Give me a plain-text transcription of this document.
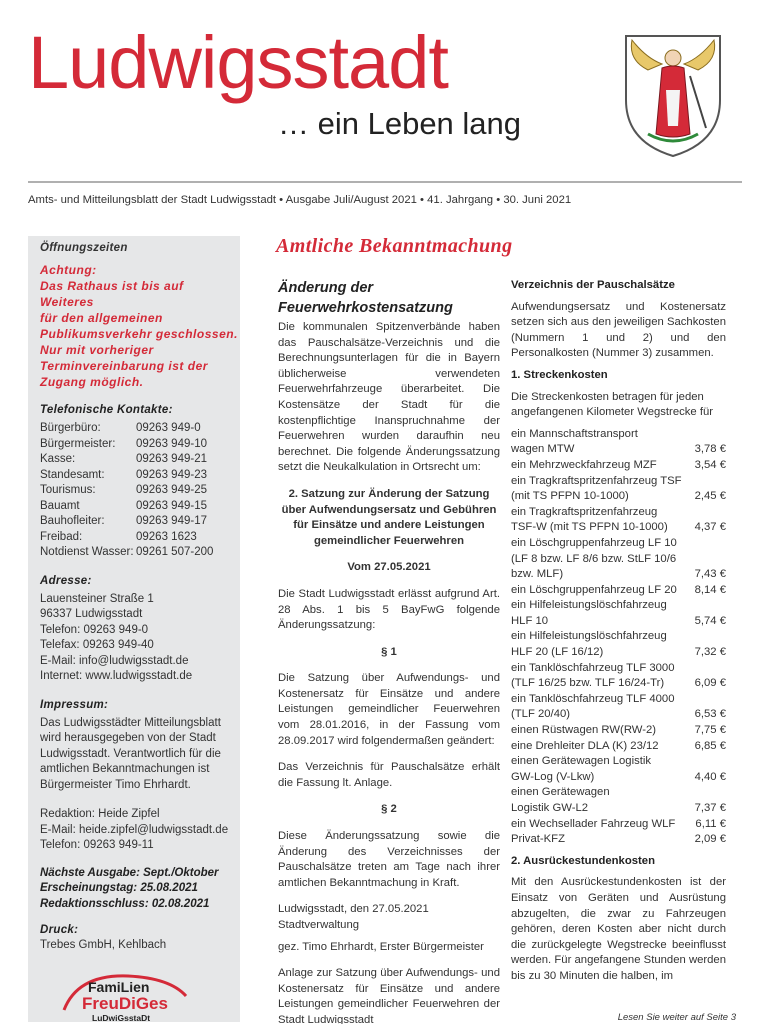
Ludwigsstadt
… ein Leben lang
Amts- und Mitteilungsblatt der Stadt Ludwigsstadt • Ausgabe Juli/August 2021 • 41. Jahrgang • 30. Juni 2021
Öffnungszeiten
Achtung:
Das Rathaus ist bis auf Weiteres
für den allgemeinen
Publikumsverkehr geschlossen.
Nur mit vorheriger
Terminvereinbarung ist der
Zugang möglich.
Telefonische Kontakte:
Bürgerbüro:	09263 949-0
Bürgermeister:	09263 949-10
Kasse:	09263 949-21
Standesamt:	09263 949-23
Tourismus:	09263 949-25
Bauamt	09263 949-15
Bauhofleiter:	09263 949-17
Freibad:	09263 1623
Notdienst Wasser: 09261 507-200
Adresse:
Lauensteiner Straße 1
96337 Ludwigsstadt
Telefon: 09263 949-0
Telefax: 09263 949-40
E-Mail: info@ludwigsstadt.de
Internet: www.ludwigsstadt.de
Impressum:
Das Ludwigsstädter Mitteilungsblatt
wird herausgegeben von der Stadt
Ludwigsstadt. Verantwortlich für die
amtlichen Bekanntmachungen ist
Bürgermeister Timo Ehrhardt.
Redaktion: Heide Zipfel
E-Mail: heide.zipfel@ludwigsstadt.de
Telefon: 09263 949-11
Nächste Ausgabe: Sept./Oktober
Erscheinungstag: 25.08.2021
Redaktionsschluss: 02.08.2021
Druck:
Trebes GmbH, Kehlbach
FamiLien
FreuDiGes
LuDwiGsstaDt
Amtliche Bekanntmachung
Änderung der Feuerwehrkostensatzung

Die kommunalen Spitzenverbände haben das Pauschalsätze-Verzeichnis und die Berechnungsunterlagen für die in Bayern üblicherweise verwendeten Feuerwehrfahrzeuge überarbeitet. Die Kostensätze der Stadt für die kostenpflichtige Inanspruchnahme der Feuerwehren wurden daraufhin neu berechnet. Die folgende Änderungssatzung setzt die Neukalkulation in Ortsrecht um:

2. Satzung zur Änderung der Satzung über Aufwendungsersatz und Gebühren für Einsätze und andere Leistungen gemeindlicher Feuerwehren

Vom 27.05.2021

Die Stadt Ludwigsstadt erlässt aufgrund Art. 28 Abs. 1 bis 5 BayFwG folgende Änderungssatzung:

§ 1

Die Satzung über Aufwendungs- und Kostenersatz für Einsätze und andere Leistungen gemeindlicher Feuerwehren vom 28.01.2016, in der Fassung vom 28.09.2017 wird folgendermaßen geändert:

Das Verzeichnis für Pauschalsätze erhält die Fassung lt. Anlage.

§ 2

Diese Änderungssatzung sowie die Änderung des Verzeichnisses der Pauschalsätze treten am Tage nach ihrer amtlichen Bekanntmachung in Kraft.

Ludwigsstadt, den 27.05.2021

Stadtverwaltung

gez. Timo Ehrhardt, Erster Bürgermeister

Anlage zur Satzung über Aufwendungs- und Kostenersatz für Einsätze und andere Leistungen gemeindlicher Feuerwehren der Stadt Ludwigsstadt

Verzeichnis der Pauschalsätze

Aufwendungsersatz und Kostenersatz setzen sich aus den jeweiligen Sachkosten (Nummern 1 und 2) und den Personalkosten (Nummer 3) zusammen.

1. Streckenkosten

Die Streckenkosten betragen für jeden angefangenen Kilometer Wegstrecke für

ein Mannschaftstransport
wagen MTW	3,78 €
ein Mehrzweckfahrzeug MZF	3,54 €
ein Tragkraftspritzenfahrzeug TSF
(mit TS PFPN 10-1000)	2,45 €
ein Tragkraftspritzenfahrzeug
TSF-W (mit TS PFPN 10-1000)	4,37 €
ein Löschgruppenfahrzeug LF 10
(LF 8 bzw. LF 8/6 bzw. StLF 10/6
bzw. MLF)	7,43 €
ein Löschgruppenfahrzeug LF 20	8,14 €
ein Hilfeleistungslöschfahrzeug
HLF 10	5,74 €
ein Hilfeleistungslöschfahrzeug
HLF 20 (LF 16/12)	7,32 €
ein Tanklöschfahrzeug TLF 3000
(TLF 16/25 bzw. TLF 16/24-Tr)	6,09 €
ein Tanklöschfahrzeug TLF 4000
(TLF 20/40)	6,53 €
einen Rüstwagen RW(RW-2)	7,75 €
eine Drehleiter DLA (K) 23/12	6,85 €
einen Gerätewagen Logistik
GW-Log (V-Lkw)	4,40 €
einen Gerätewagen
Logistik GW-L2	7,37 €
ein Wechsellader Fahrzeug WLF	6,11 €
Privat-KFZ	2,09 €

2. Ausrückestundenkosten

Mit den Ausrückestundenkosten ist der Einsatz von Geräten und Ausrüstung abzugelten, die zwar zu Fahrzeugen gehören, deren Kosten aber nicht durch die zurückgelegte Wegstrecke beeinflusst werden. Für angefangene Stunden werden bis zu 30 Minuten die halben, im

Lesen Sie weiter auf Seite 3
